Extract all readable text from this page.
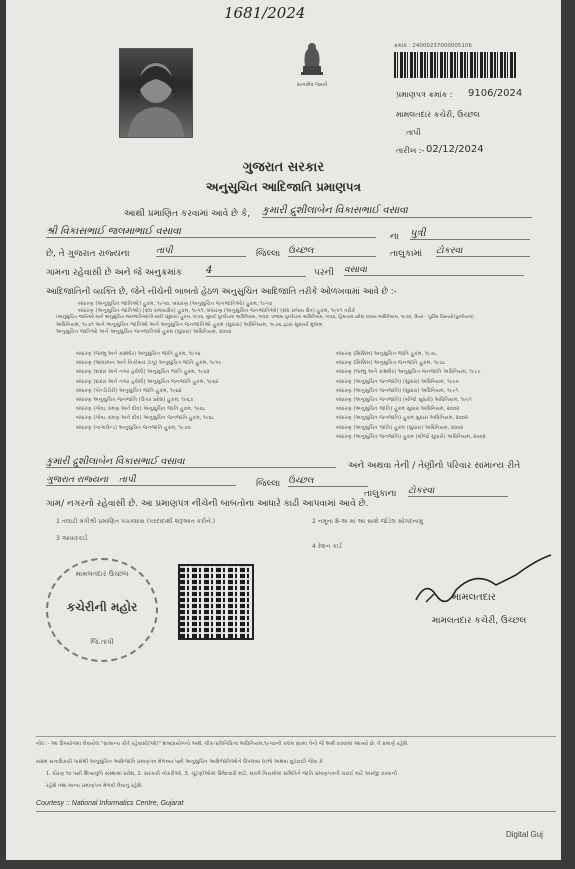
1681/2024
સત્યમેવ જયતે
ક્રમાંક : 24000237000005106
પ્રમાણપત્ર ક્રમાંક : 9106/2024
મામલતદાર કચેરી, ઉચ્છલ
તાપી
તારીખ :- 02/12/2024
ગુજરાત સરકાર
અનુસુચિત આદિજાતિ પ્રમાણપત્ર
આથી પ્રમાણિત કરવામાં આવે છે કે, કુમારી દ્રુશીલાબેન વિકાસભાઈ વસાવા
શ્રી વિકાસભાઈ જલમાભાઈ વસાવા	ના પુત્રી
છે, તે ગુજરાત રાજ્યના	તાપી	જિલ્લા ઉચ્છલ	તાલુકામાં ટોકરવા
ગામના રહેવાસી છે અને જે અનુક્રમાંક 4	પરની વસાવા
આદિજાતિની વ્યક્તિ છે, જેને નીચેની બાબતો હેઠળ અનુસુચિત આદિજાતિ તરીકે ઓળખવામાં આવે છે :-
બંધારણ (અનુસુચિત જાતિઓ) હુકમ, ૧૯૫૦, બંધારણ (અનુસુચિત જનજાતિઓ) હુકમ, ૧૯૫૦
બંધારણ (અનુસુચિત જાતિઓ) (સંઘ રાજ્યક્ષેત્ર) હુકમ, ૧૯૫૧, બંધારણ (અનુસુચિત જનજાતિઓ) (સંઘ રાજ્ય ક્ષેત્ર) હુકમ, ૧૯૫૧ તરીકે
(અનુસુચિત જાતિઓ અને અનુસુચિત જનજાતિઓની યાદી (સુધારા) હુકમ, ૧૯૫૬, મુંબઈ પુનર્રચના અધિનિયમ, ૧૯૬૦, પંજાબ પુનર્રચના અધિનિયમ, ૧૯૬૬, હિમાચલ પ્રદેશ રાજ્ય અધિનિયમ, ૧૯૭૦, ઉત્તર - પૂર્વીય વિસ્તારો(પુનર્રચના)
અધિનિયમ, ૧૯૭૧ અને અનુસુચિત જાતિઓ અને અનુસુચિત જનજાતિઓ હુકમ (સુધારા) અધિનિયમ, ૧૯૭૬ દ્વારા સુધાર્યા મુજબ
અનુસુચિત જાતિઓ અને અનુસુચિત જનજાતિઓ હુકમ (સુધારા) અધિનિયમ, ૨૦૦૨
બંધારણ (જમ્મુ અને કાશ્મીર) અનુસુચિત જાતિ હુકમ, ૧૯૫૬
બંધારણ (આંદામાન અને નિકોબાર ટાપુ) અનુસુચિત જાતિ હુકમ, ૧૯૫૯
બંધારણ (દાદરા અને નગર હવેલી) અનુસુચિત જાતિ હુકમ, ૧૯૬૨
બંધારણ (દાદરા અને નગર હવેલી) અનુસુચિત જનજાતિ હુકમ, ૧૯૬૨
બંધારણ (પોન્ડીચેરી) અનુસુચિત જાતિ હુકમ, ૧૯૬૪
બંધારણ અનુસુચિત જનજાતિ (ઉત્તર પ્રદેશ) હુકમ, ૧૯૬૭
બંધારણ (ગોવા, દમણ અને દીવ) અનુસુચિત જાતિ હુકમ, ૧૯૬૮
બંધારણ (ગોવા, દમણ અને દીવ) અનુસુચિત જનજાતિ હુકમ, ૧૯૬૮
બંધારણ (નાગાલેન્ડ) અનુસુચિત જનજાતિ હુકમ, ૧૯૭૦
બંધારણ (સિક્કિમ) અનુસુચિત જાતિ હુકમ, ૧૯૭૮
બંધારણ (સિક્કિમ) અનુસુચિત જનજાતિ હુકમ, ૧૯૭૮
બંધારણ (જમ્મુ અને કાશ્મીર) અનુસુચિત જનજાતિ અધિનિયમ, ૧૯૮૯
બંધારણ (અનુસુચિત જનજાતિ) (સુધારા) અધિનિયમ, ૧૯૯૦
બંધારણ (અનુસુચિત જનજાતિ) (સુધારા) અધિનિયમ, ૧૯૯૧
બંધારણ (અનુસુચિત જનજાતિ) (બીજો સુધારો) અધિનિયમ, ૧૯૯૧
બંધારણ (અનુસુચિત જાતિ) હુકમ સુધારા અધિનિયમ, ૨૦૦૨
બંધારણ (અનુસુચિત જનજાતિ) હુકમ સુધારા અધિનિયમ, ૨૦૦૨
બંધારણ (અનુસુચિત જાતિ) હુકમ (સુધારા) અધિનિયમ, ૨૦૦૨
બંધારણ (અનુસુચિત જનજાતિ) હુકમ (બીજો સુધારો) અધિનિયમ, ૨૦૦૨
કુમારી દ્રુશીલાબેન વિકાસભાઈ વસાવા	અને અથવા તેની / તેણીનો પરિવાર સામાન્ય રીતે
ગુજરાત રાજ્યના તાપી	જિલ્લા ઉચ્છલ
તાલુકાના ટોકરવા
ગામ/ નગરનો રહેવાસી છે. આ પ્રમાણપત્ર નીચેની બાબતોના આધારે કાઢી આપવામાં આવે છે.
1 તલાટી મંત્રીશ્રી પ્રમાણિત પંચક્યાસ (પરદાદાથી શરૂઆત કરીને.)	2 નમૂના 8-અ માં આ સાથે જોડેલ સોગંદનામું
3 આધારકાર્ડ
4 રેશન કાર્ડ
મામલતદાર ઉચ્છલ
કચેરીની મહોર
જિ.તાપી
મામલતદાર
મામલતદાર કચેરી, ઉચ્છલ
નોંધ :- આ ઉપયોગમાં લેવાયેલ "સામાન્ય રીતે રહેવાસી(ઓ)" શબ્દપ્રયોગનો અર્થ, લોક-પ્રતિનિધિત્વ અધિનિયમ,૧૯૫૦ની કલમ ૨૦માં તેનો જે અર્થ કરવામાં આવ્યો છે, તે પ્રમાણે રહેશે.
સક્ષમ સત્તાધિકારી પાસેથી અનુસુચિત આદિજાતિ પ્રમાણપત્ર મેળવ્યા પછી અનુસુચિત આદિજાતિઓને ઉપલબ્ધ લાભો અથવા છૂટછાટો જેવા કે
1. ધોરણ ૧૦ પછી શિષ્યવૃત્તિ સંસ્થામાં પ્રવેશ, 2. સરકારી નોકરીઓ, 3. ચૂંટણીઓમાં ઉમેદવારી માટે, સંવર્ગ નિયમોમાં સમિતિને જાતિ પ્રમાણપત્રની ખરાઈ માટે અરજી કરવાની
રહેશે તથા માન્ય પ્રમાણપત્ર મેળવી લેવાનું રહેશે.
Courtesy :: National Informatics Centre, Gujarat
Digital Guj
